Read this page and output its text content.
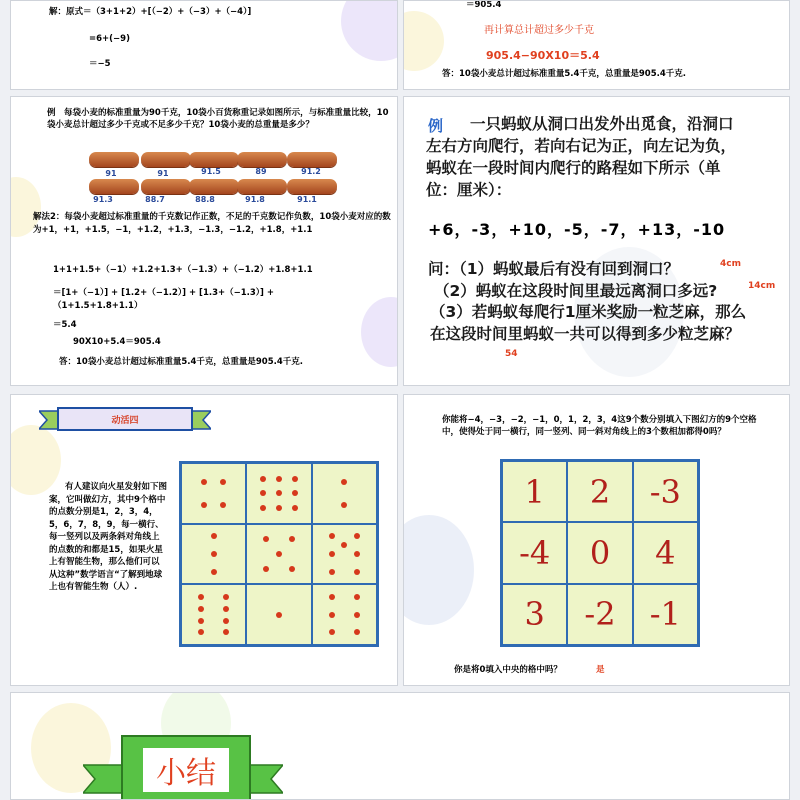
解：原式＝（3+1+2）+[（−2）+（−3）+（−4）]
=6+(−9)
＝−5
＝905.4
再计算总计超过多少千克
905.4−90X10＝5.4
答：10袋小麦总计超过标准重量5.4千克，总重量是905.4千克.
例　每袋小麦的标准重量为90千克，10袋小百货称重记录如图所示，与标准重量比较，10袋小麦总计超过多少千克或不足多少千克？10袋小麦的总重量是多少？
91	91	91.5	89	91.2
91.3	88.7	88.8	91.8	91.1
解法2：每袋小麦超过标准重量的千克数记作正数，不足的千克数记作负数，10袋小麦对应的数为+1，+1，+1.5，−1，+1.2，+1.3，−1.3，−1.2，+1.8，+1.1
1+1+1.5+（−1）+1.2+1.3+（−1.3）+（−1.2）+1.8+1.1
＝[1+（−1）] + [1.2+（−1.2）] + [1.3+（−1.3）] +
（1+1.5+1.8+1.1）
＝5.4
90X10+5.4＝905.4
答：10袋小麦总计超过标准重量5.4千克，总重量是905.4千克.
例	一只蚂蚁从洞口出发外出觅食，沿洞口左右方向爬行，若向右记为正，向左记为负，蚂蚁在一段时间内爬行的路程如下所示（单位：厘米）：
+6，-3，+10，-5，-7，+13，-10
问：（1）蚂蚁最后有没有回到洞口？	4cm
（2）蚂蚁在这段时间里最远离洞口多远?	14cm
（3）若蚂蚁每爬行1厘米奖励一粒芝麻，那么在这段时间里蚂蚁一共可以得到多少粒芝麻？
54
动活四
有人建议向火星发射如下图案，它叫做幻方，其中9个格中的点数分别是1，2，3，4，5，6，7，8，9，每一横行、每一竖列以及两条斜对角线上的点数的和都是15，如果火星上有智能生物，那么他们可以从这种”数学语言“了解到地球上也有智能生物（人）.
你能将−4，−3，−2，−1，0，1，2，3，4这9个数分别填入下图幻方的9个空格中，使得处于同一横行，同一竖列、同一斜对角线上的3个数相加都得0吗？
1	2	-3
-4	0	4
3	-2	-1
你是将0填入中央的格中吗？	是
小结
